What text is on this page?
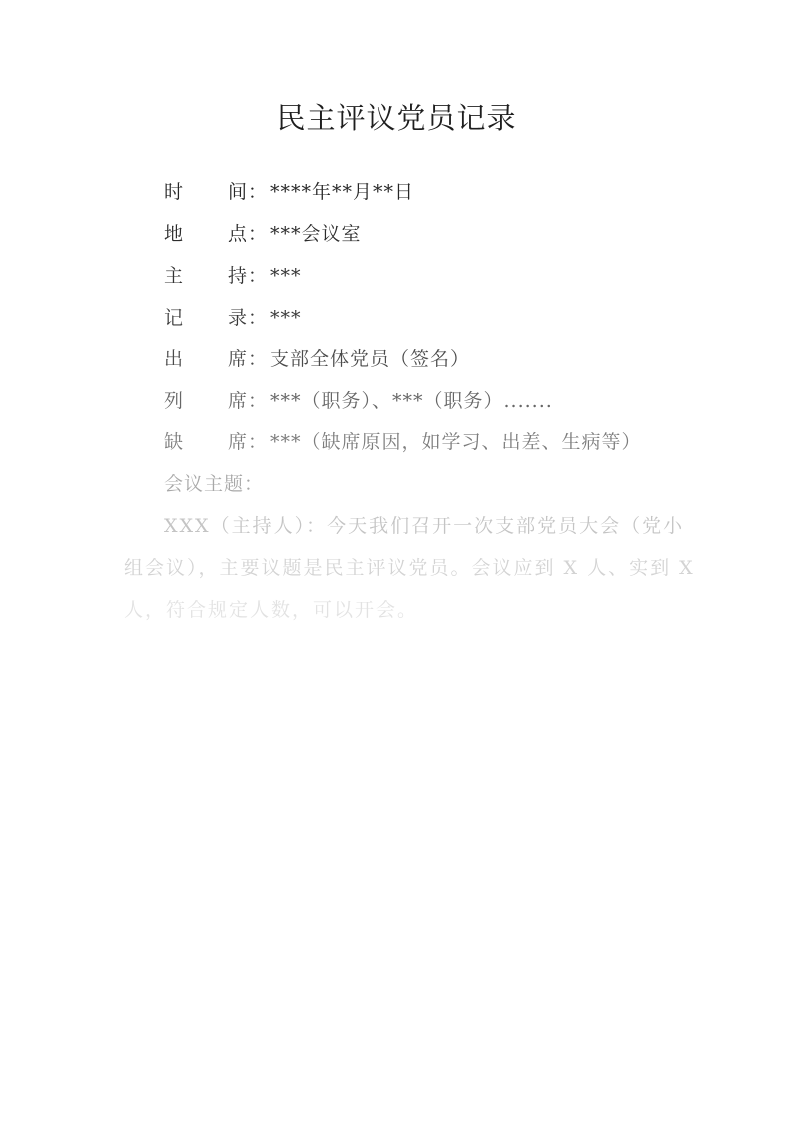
民主评议党员记录
时 间 ： ****年**月**日
地 点 ： ***会议室
主 持 ： ***
记 录 ： ***
出 席 ： 支部全体党员（签名）
列 席 ： ***（职务）、***（职务）.......
缺 席 ： ***（缺席原因，如学习、出差、生病等）
会议主题：
XXX（主持人）：今天我们召开一次支部党员大会（党小
组会议），主要议题是民主评议党员。会议应到 X 人、实到 X
人，符合规定人数，可以开会。
